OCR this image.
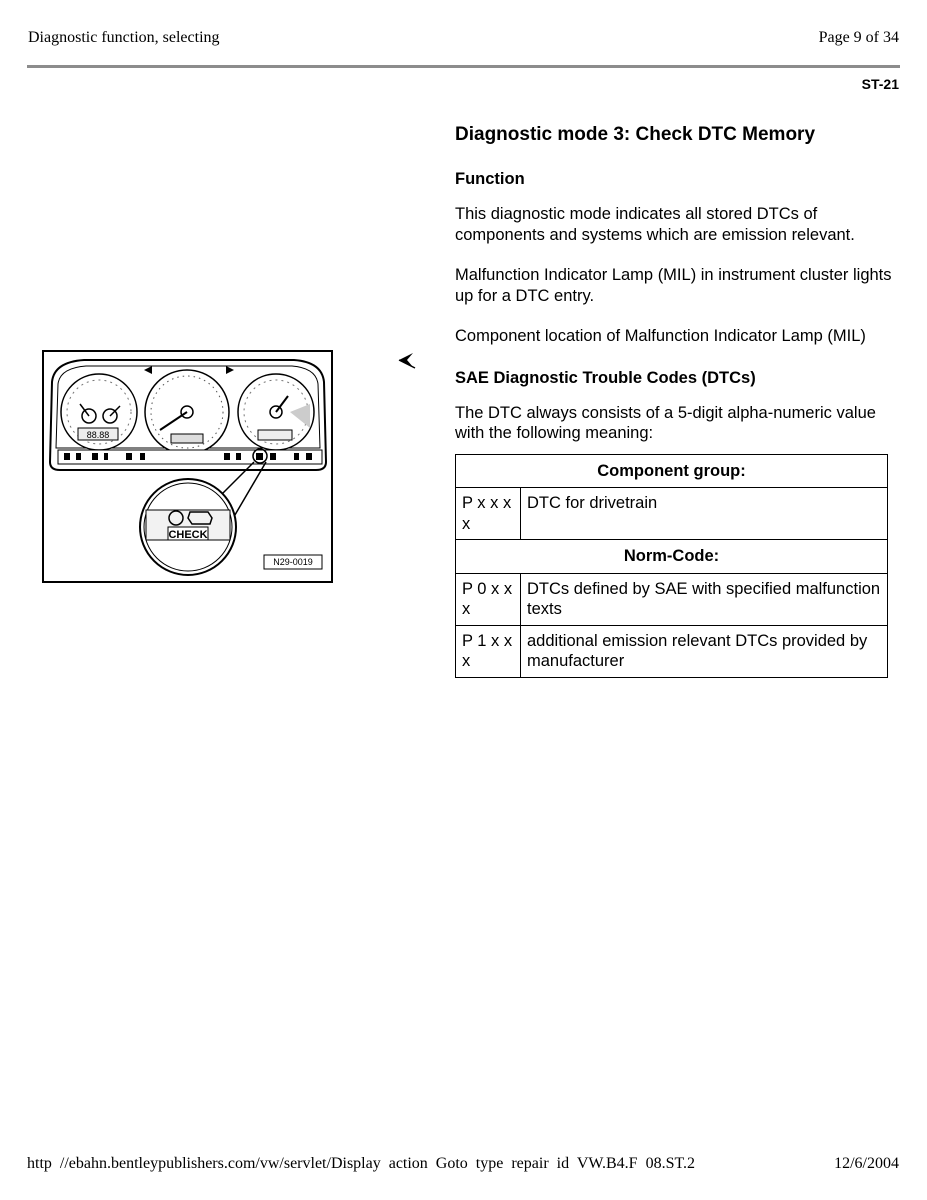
Diagnostic function, selecting	Page 9 of 34
ST-21
88.88
CHECK
N29-0019
Diagnostic mode 3: Check DTC Memory
Function

This diagnostic mode indicates all stored DTCs of components and systems which are emission relevant.

Malfunction Indicator Lamp (MIL) in instrument cluster lights up for a DTC entry.

Component location of Malfunction Indicator Lamp (MIL)

SAE Diagnostic Trouble Codes (DTCs)

The DTC always consists of a 5-digit alpha-numeric value with the following meaning:

Component group:	
P x x x x	DTC for drivetrain
Norm-Code:	
P 0 x x x	DTCs defined by SAE with specified malfunction texts
P 1 x x x	additional emission relevant DTCs provided by manufacturer
http //ebahn.bentleypublishers.com/vw/servlet/Display action Goto type repair id VW.B4.F 08.ST.2	12/6/2004
